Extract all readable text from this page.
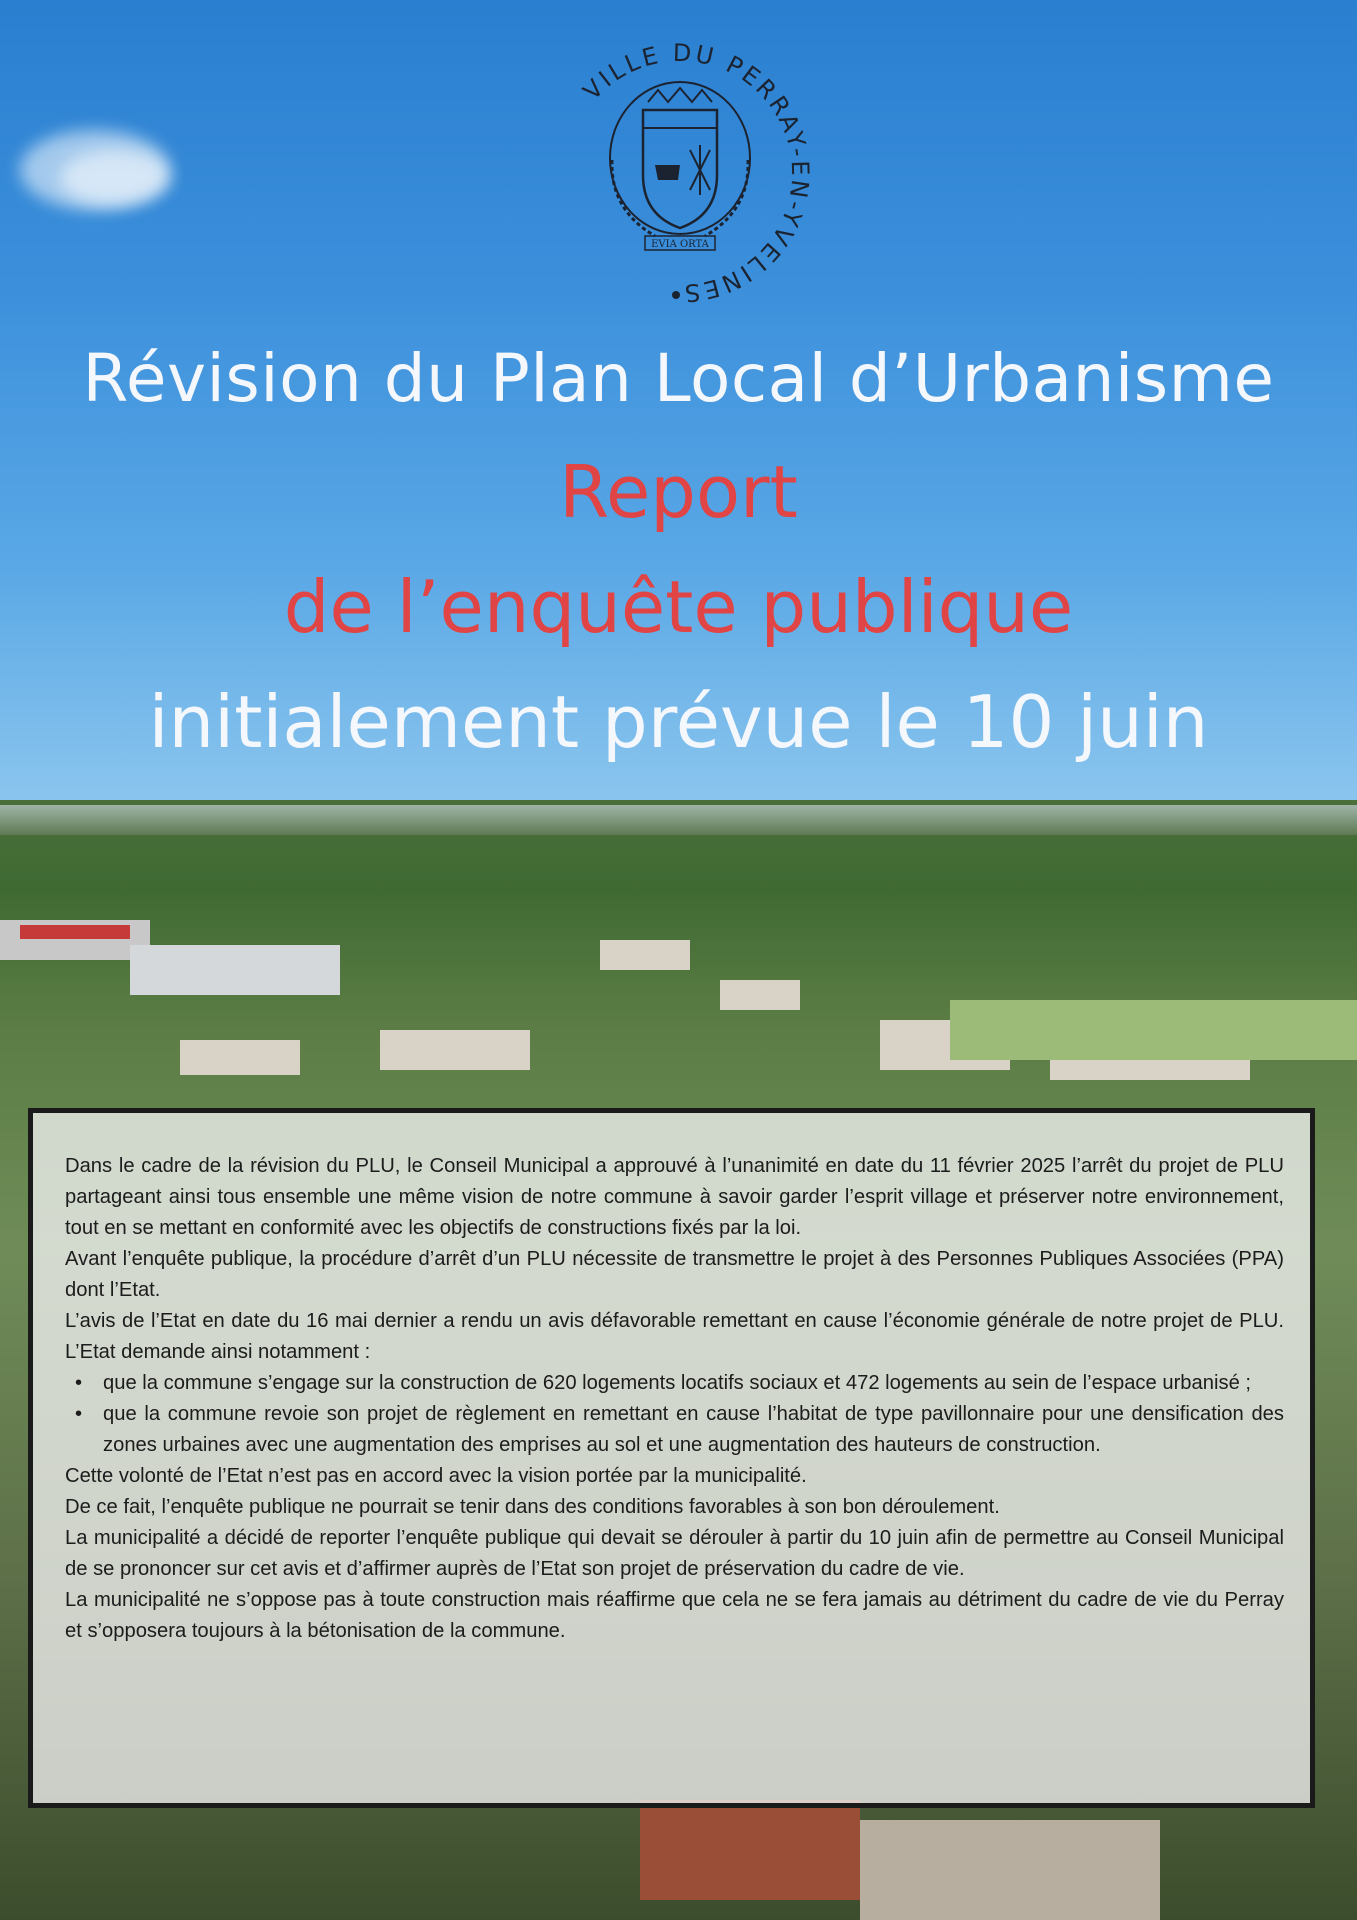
VILLE DU PERRAY-EN-YVELINES
EVIA ORTA
Révision du Plan Local d’Urbanisme
Report
de l’enquête publique
initialement prévue le 10 juin

Dans le cadre de la révision du PLU, le Conseil Municipal a approuvé à l’unanimité en date du 11 février 2025 l’arrêt du projet de PLU partageant ainsi tous ensemble une même vision de notre commune à savoir garder l’esprit village et préserver notre environnement, tout en se mettant en conformité avec les objectifs de constructions fixés par la loi.

Avant l’enquête publique, la procédure d’arrêt d’un PLU nécessite de transmettre le projet à des Personnes Publiques Associées (PPA) dont l’Etat.

L’avis de l’Etat en date du 16 mai dernier a rendu un avis défavorable remettant en cause l’économie générale de notre projet de PLU. L’Etat demande ainsi notamment :

• que la commune s’engage sur la construction de 620 logements locatifs sociaux et 472 logements au sein de l’espace urbanisé ;
• que la commune revoie son projet de règlement en remettant en cause l’habitat de type pavillonnaire pour une densification des zones urbaines avec une augmentation des emprises au sol et une augmentation des hauteurs de construction.

Cette volonté de l’Etat n’est pas en accord avec la vision portée par la municipalité.

De ce fait, l’enquête publique ne pourrait se tenir dans des conditions favorables à son bon déroulement.

La municipalité a décidé de reporter l’enquête publique qui devait se dérouler à partir du 10 juin afin de permettre au Conseil Municipal de se prononcer sur cet avis et d’affirmer auprès de l’Etat son projet de préservation du cadre de vie.

La municipalité ne s’oppose pas à toute construction mais réaffirme que cela ne se fera jamais au détriment du cadre de vie du Perray et s’opposera toujours à la bétonisation de la commune.
